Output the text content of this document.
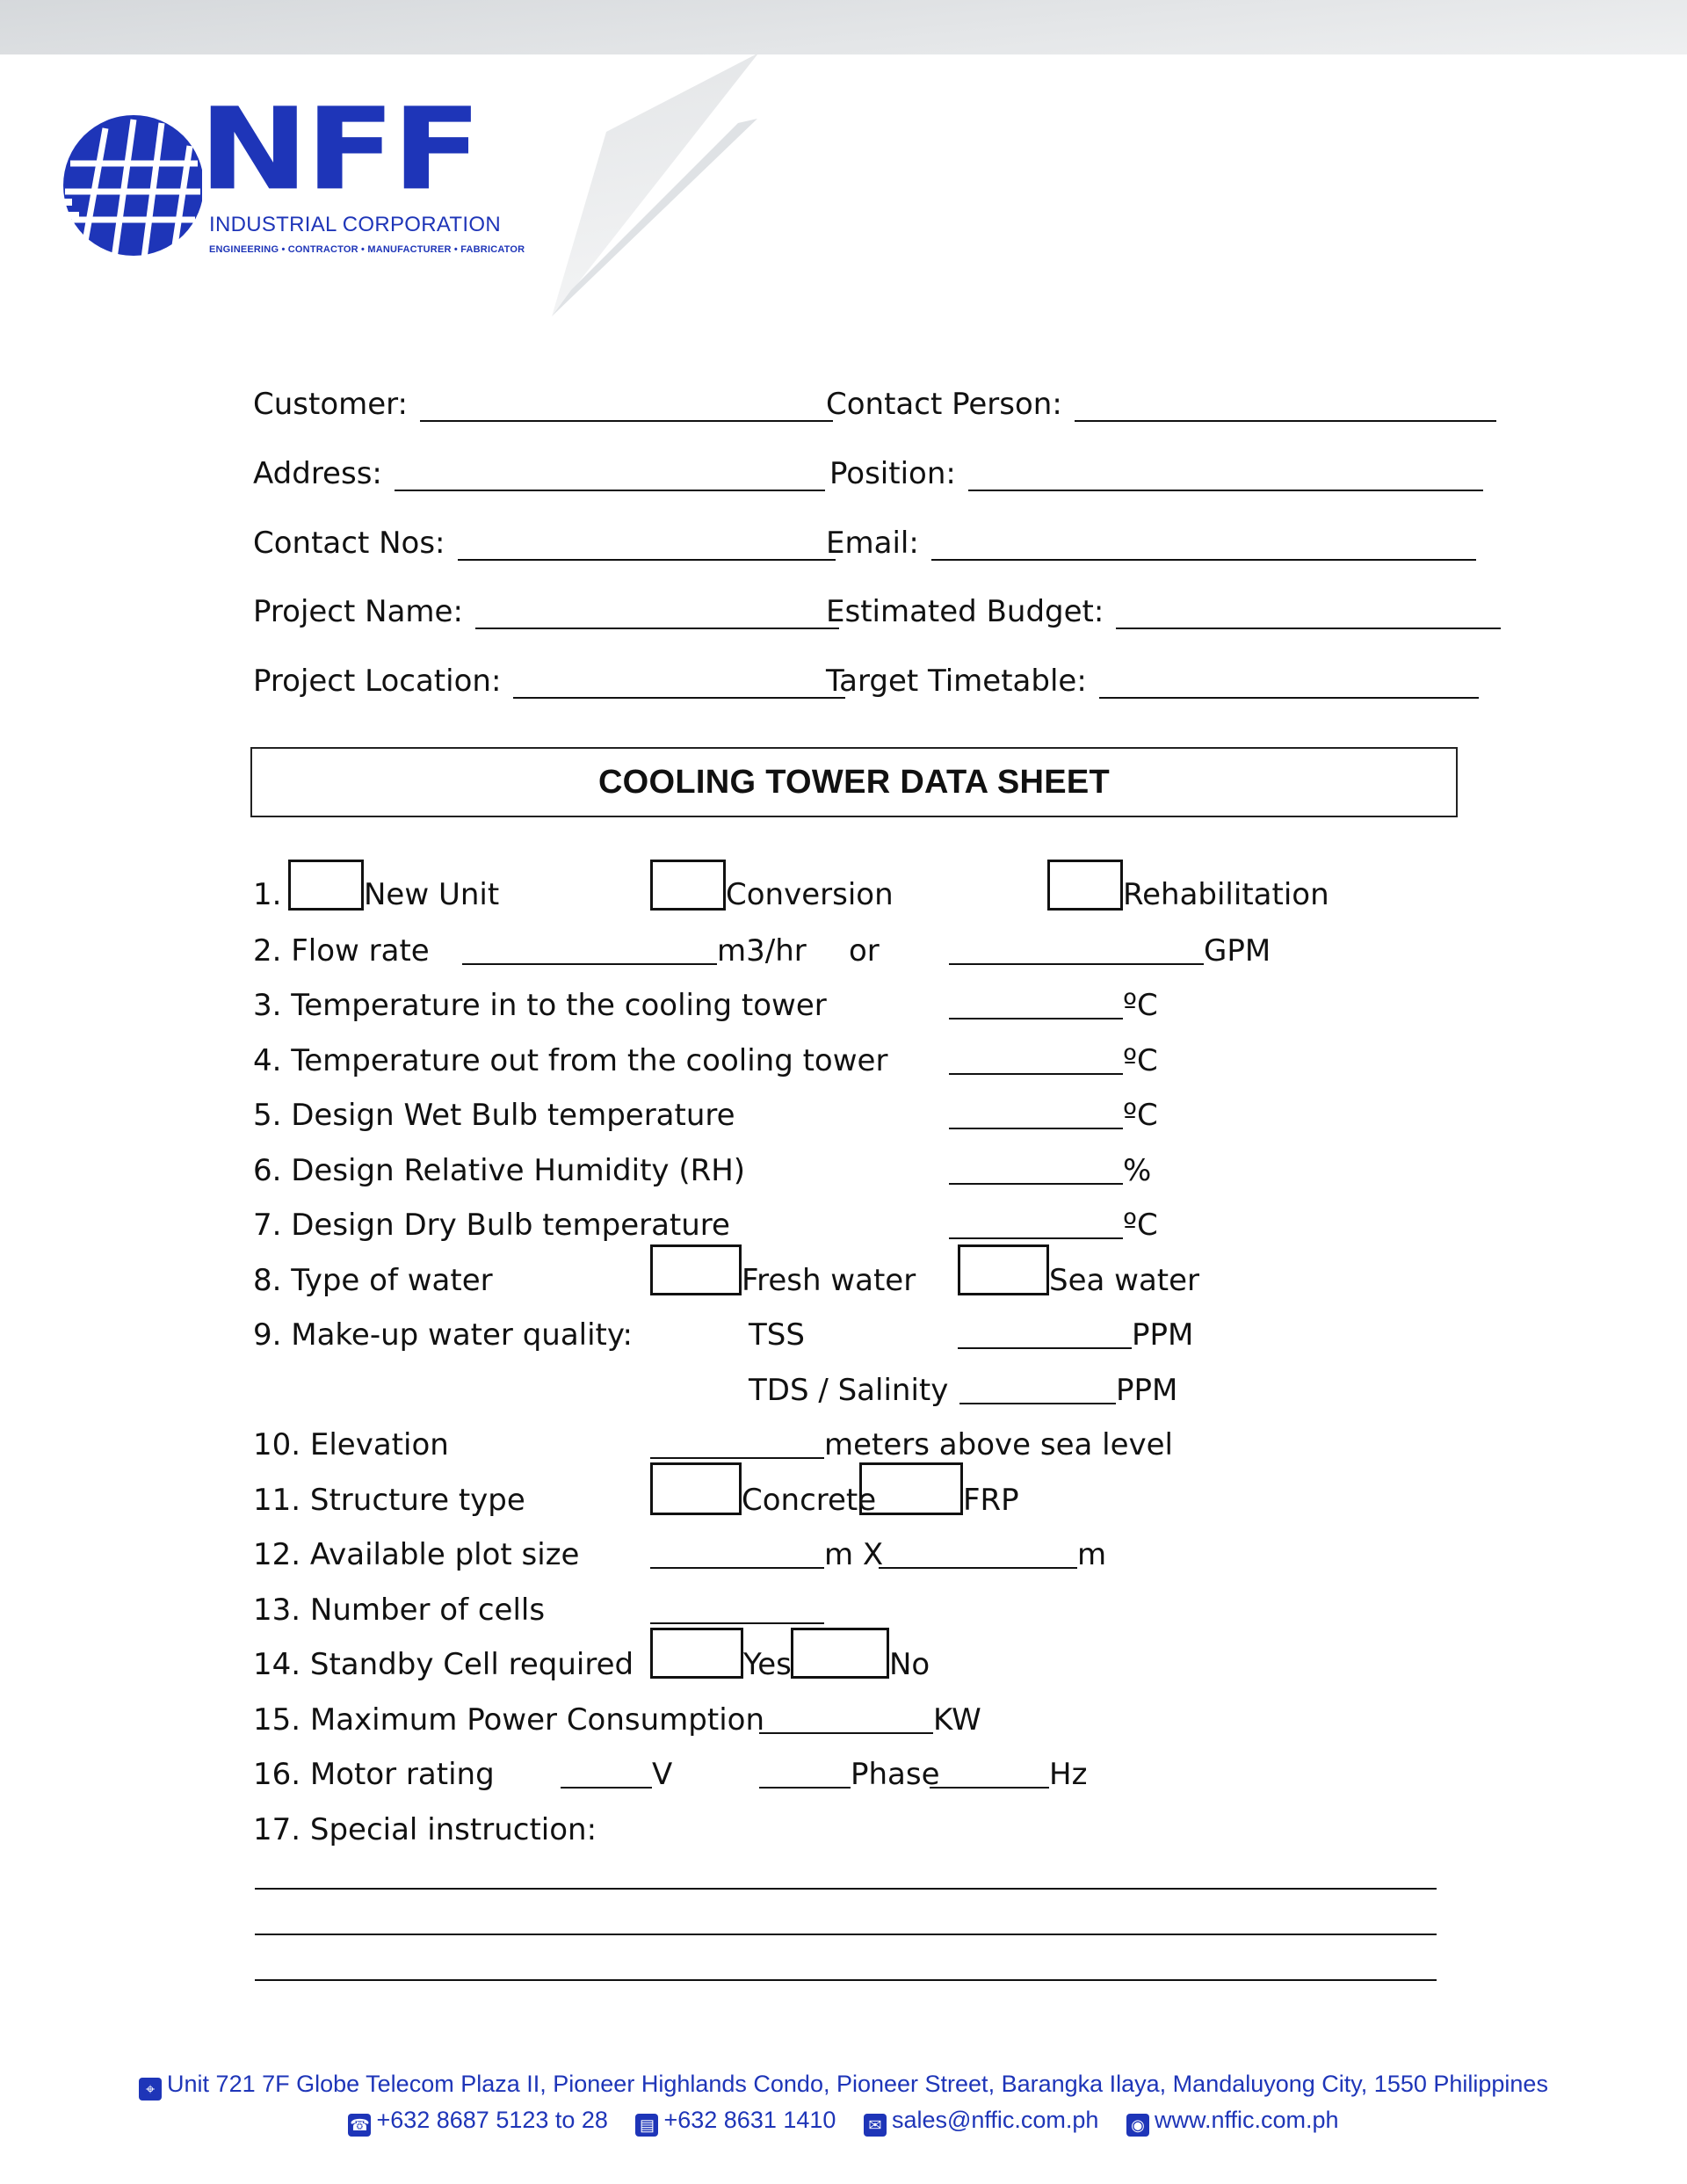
NFF
INDUSTRIAL CORPORATION
ENGINEERING • CONTRACTOR • MANUFACTURER • FABRICATOR
Customer:	Contact Person:
Address:	Position:
Contact Nos:	Email:
Project Name:	Estimated Budget:
Project Location:	Target Timetable:
COOLING TOWER DATA SHEET
1.	New Unit	Conversion	Rehabilitation
2. Flow rate	m3/hr or	GPM
3. Temperature in to the cooling tower	ºC
4. Temperature out from the cooling tower	ºC
5. Design Wet Bulb temperature	ºC
6. Design Relative Humidity (RH)	%
7. Design Dry Bulb temperature	ºC
8. Type of water	Fresh water	Sea water
9. Make-up water quality:	TSS	PPM
TDS / Salinity	PPM
10. Elevation	meters above sea level
11. Structure type	Concrete	FRP
12. Available plot size	m X	m
13. Number of cells
14. Standby Cell required	Yes	No
15. Maximum Power Consumption	KW
16. Motor rating	V	Phase	Hz
17. Special instruction:
⌖ Unit 721 7F Globe Telecom Plaza II, Pioneer Highlands Condo, Pioneer Street, Barangka Ilaya, Mandaluyong City, 1550 Philippines
☎ +632 8687 5123 to 28 ▤ +632 8631 1410 ✉ sales@nffic.com.ph ◉ www.nffic.com.ph
